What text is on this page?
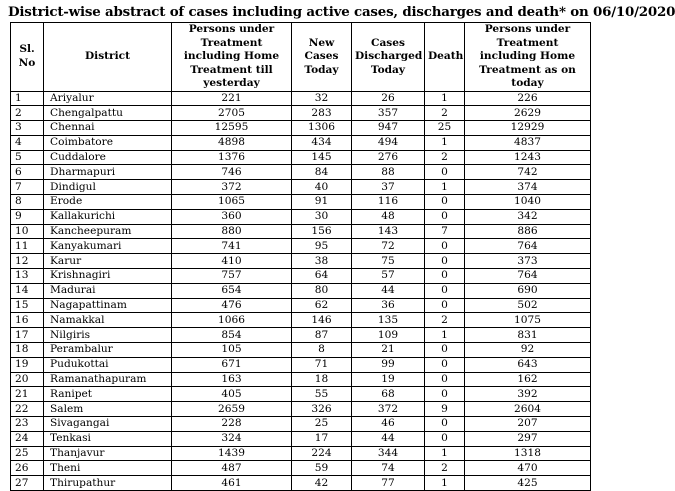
District-wise abstract of cases including active cases, discharges and death* on 06/10/2020
Sl. No	District	Persons under Treatment including Home Treatment till yesterday	New Cases Today	Cases Discharged Today	Death	Persons under Treatment including Home Treatment as on today
1	Ariyalur	221	32	26	1	226
2	Chengalpattu	2705	283	357	2	2629
3	Chennai	12595	1306	947	25	12929
4	Coimbatore	4898	434	494	1	4837
5	Cuddalore	1376	145	276	2	1243
6	Dharmapuri	746	84	88	0	742
7	Dindigul	372	40	37	1	374
8	Erode	1065	91	116	0	1040
9	Kallakurichi	360	30	48	0	342
10	Kancheepuram	880	156	143	7	886
11	Kanyakumari	741	95	72	0	764
12	Karur	410	38	75	0	373
13	Krishnagiri	757	64	57	0	764
14	Madurai	654	80	44	0	690
15	Nagapattinam	476	62	36	0	502
16	Namakkal	1066	146	135	2	1075
17	Nilgiris	854	87	109	1	831
18	Perambalur	105	8	21	0	92
19	Pudukottai	671	71	99	0	643
20	Ramanathapuram	163	18	19	0	162
21	Ranipet	405	55	68	0	392
22	Salem	2659	326	372	9	2604
23	Sivagangai	228	25	46	0	207
24	Tenkasi	324	17	44	0	297
25	Thanjavur	1439	224	344	1	1318
26	Theni	487	59	74	2	470
27	Thirupathur	461	42	77	1	425
